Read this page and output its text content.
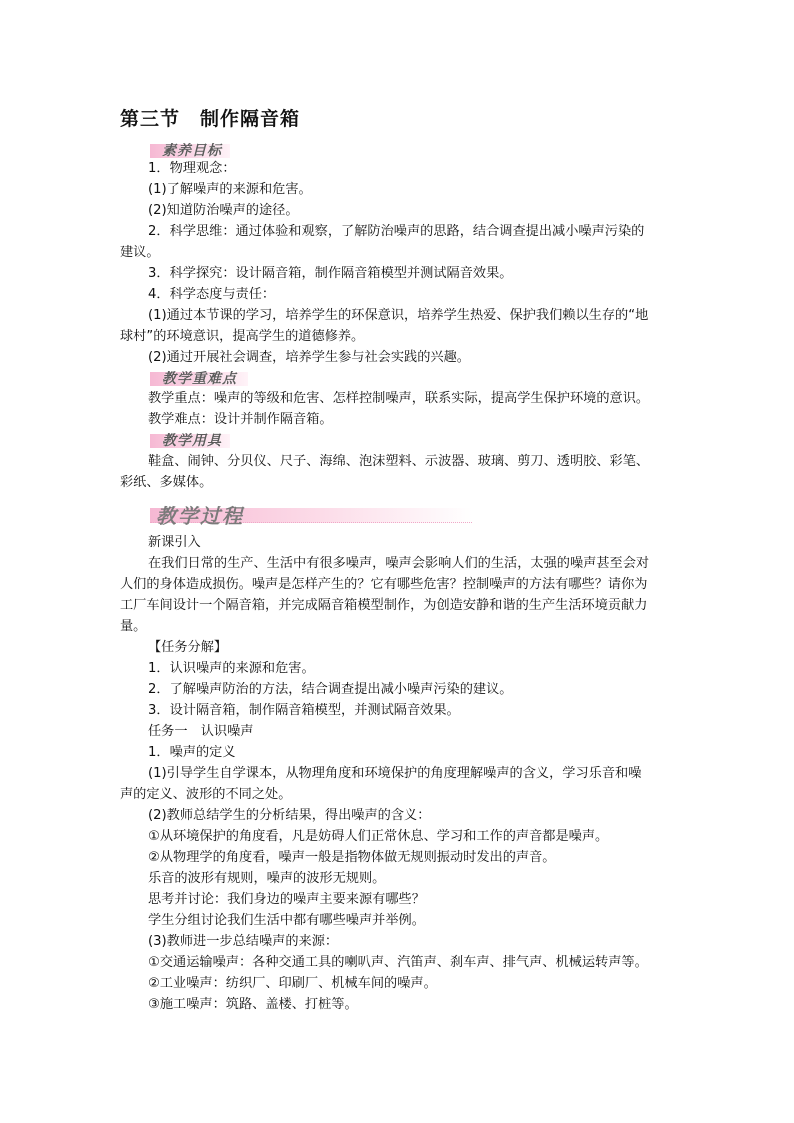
第三节　制作隔音箱
素养目标
1．物理观念：
(1)了解噪声的来源和危害。
(2)知道防治噪声的途径。
2．科学思维：通过体验和观察，了解防治噪声的思路，结合调查提出减小噪声污染的
建议。
3．科学探究：设计隔音箱，制作隔音箱模型并测试隔音效果。
4．科学态度与责任：
(1)通过本节课的学习，培养学生的环保意识，培养学生热爱、保护我们赖以生存的“地
球村”的环境意识，提高学生的道德修养。
(2)通过开展社会调查，培养学生参与社会实践的兴趣。
教学重难点
教学重点：噪声的等级和危害、怎样控制噪声，联系实际，提高学生保护环境的意识。
教学难点：设计并制作隔音箱。
教学用具
鞋盒、闹钟、分贝仪、尺子、海绵、泡沫塑料、示波器、玻璃、剪刀、透明胶、彩笔、
彩纸、多媒体。
教学过程
新课引入
在我们日常的生产、生活中有很多噪声，噪声会影响人们的生活，太强的噪声甚至会对
人们的身体造成损伤。噪声是怎样产生的？它有哪些危害？控制噪声的方法有哪些？请你为
工厂车间设计一个隔音箱，并完成隔音箱模型制作，为创造安静和谐的生产生活环境贡献力
量。
【任务分解】
1．认识噪声的来源和危害。
2．了解噪声防治的方法，结合调查提出减小噪声污染的建议。
3．设计隔音箱，制作隔音箱模型，并测试隔音效果。
任务一　认识噪声
1．噪声的定义
(1)引导学生自学课本，从物理角度和环境保护的角度理解噪声的含义，学习乐音和噪
声的定义、波形的不同之处。
(2)教师总结学生的分析结果，得出噪声的含义：
①从环境保护的角度看，凡是妨碍人们正常休息、学习和工作的声音都是噪声。
②从物理学的角度看，噪声一般是指物体做无规则振动时发出的声音。
乐音的波形有规则，噪声的波形无规则。
思考并讨论：我们身边的噪声主要来源有哪些？
学生分组讨论我们生活中都有哪些噪声并举例。
(3)教师进一步总结噪声的来源：
①交通运输噪声：各种交通工具的喇叭声、汽笛声、刹车声、排气声、机械运转声等。
②工业噪声：纺织厂、印刷厂、机械车间的噪声。
③施工噪声：筑路、盖楼、打桩等。
